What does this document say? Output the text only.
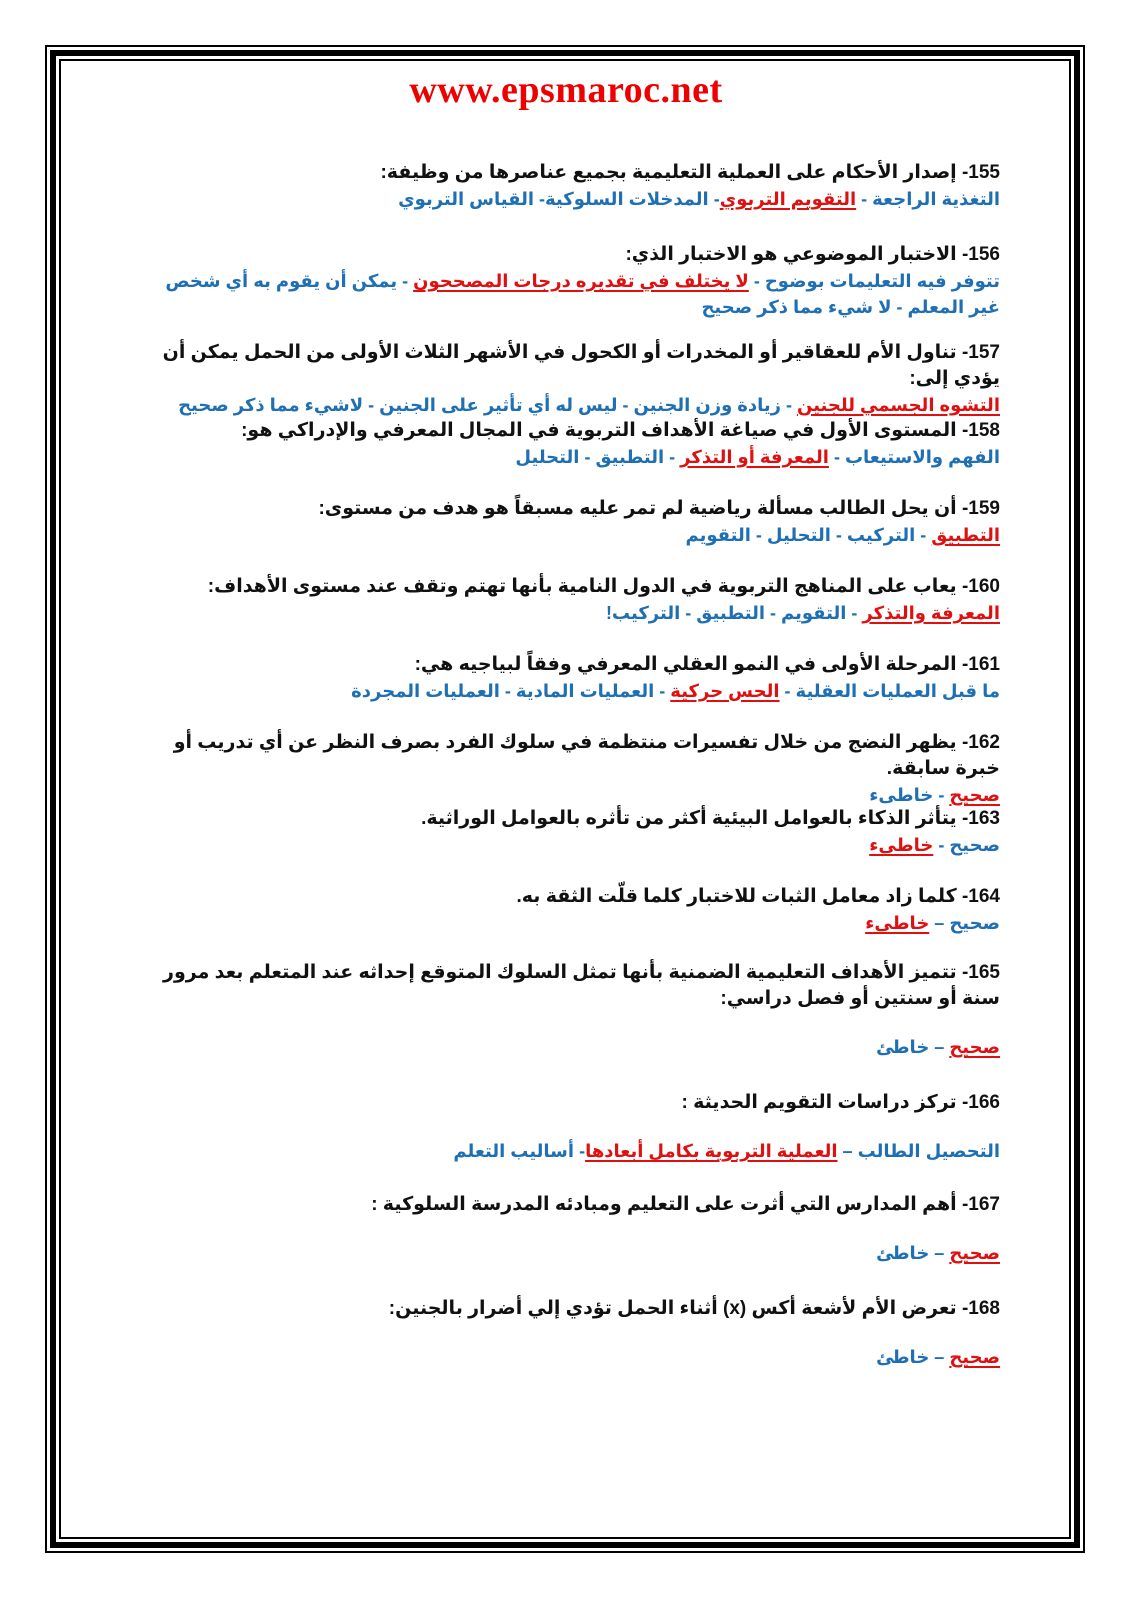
www.epsmaroc.net
155- إصدار الأحكام على العملية التعليمية بجميع عناصرها من وظيفة:
التغذية الراجعة - التقويم التربوي- المدخلات السلوكية- القياس التربوي
156- الاختبار الموضوعي هو الاختبار الذي:
تتوفر فيه التعليمات بوضوح - لا يختلف في تقديره درجات المصححون - يمكن أن يقوم به أي شخص غير المعلم - لا شيء مما ذكر صحيح
157- تناول الأم للعقاقير أو المخدرات أو الكحول في الأشهر الثلاث الأولى من الحمل يمكن أن يؤدي إلى:
التشوه الجسمي للجنين - زيادة وزن الجنين - ليس له أي تأثير على الجنين - لاشيء مما ذكر صحيح
158- المستوى الأول في صياغة الأهداف التربوية في المجال المعرفي والإدراكي هو:
الفهم والاستيعاب - المعرفة أو التذكر - التطبيق - التحليل
159- أن يحل الطالب مسألة رياضية لم تمر عليه مسبقاً هو هدف من مستوى:
التطبيق - التركيب - التحليل - التقويم
160- يعاب على المناهج التربوية في الدول النامية بأنها تهتم وتقف عند مستوى الأهداف:
المعرفة والتذكر - التقويم - التطبيق - التركيب!
161- المرحلة الأولى في النمو العقلي المعرفي وفقاً لبياجيه هي:
ما قبل العمليات العقلية - الحس حركية - العمليات المادية - العمليات المجردة
162- يظهر النضج من خلال تفسيرات منتظمة في سلوك الفرد بصرف النظر عن أي تدريب أو خبرة سابقة.
صحيح - خاطىء
163- يتأثر الذكاء بالعوامل البيئية أكثر من تأثره بالعوامل الوراثية.
صحيح - خاطىء
164- كلما زاد معامل الثبات للاختبار كلما قلّت الثقة به.
صحيح – خاطىء
165- تتميز الأهداف التعليمية الضمنية بأنها تمثل السلوك المتوقع إحداثه عند المتعلم بعد مرور سنة أو سنتين أو فصل دراسي:
صحيح – خاطئ
166- تركز دراسات التقويم الحديثة :
التحصيل الطالب – العملية التربوية بكامل أبعادها- أساليب التعلم
167- أهم المدارس التي أثرت على التعليم ومبادئه المدرسة السلوكية :
صحيح – خاطئ
168- تعرض الأم لأشعة أكس (x) أثناء الحمل تؤدي إلي أضرار بالجنين:
صحيح – خاطئ
